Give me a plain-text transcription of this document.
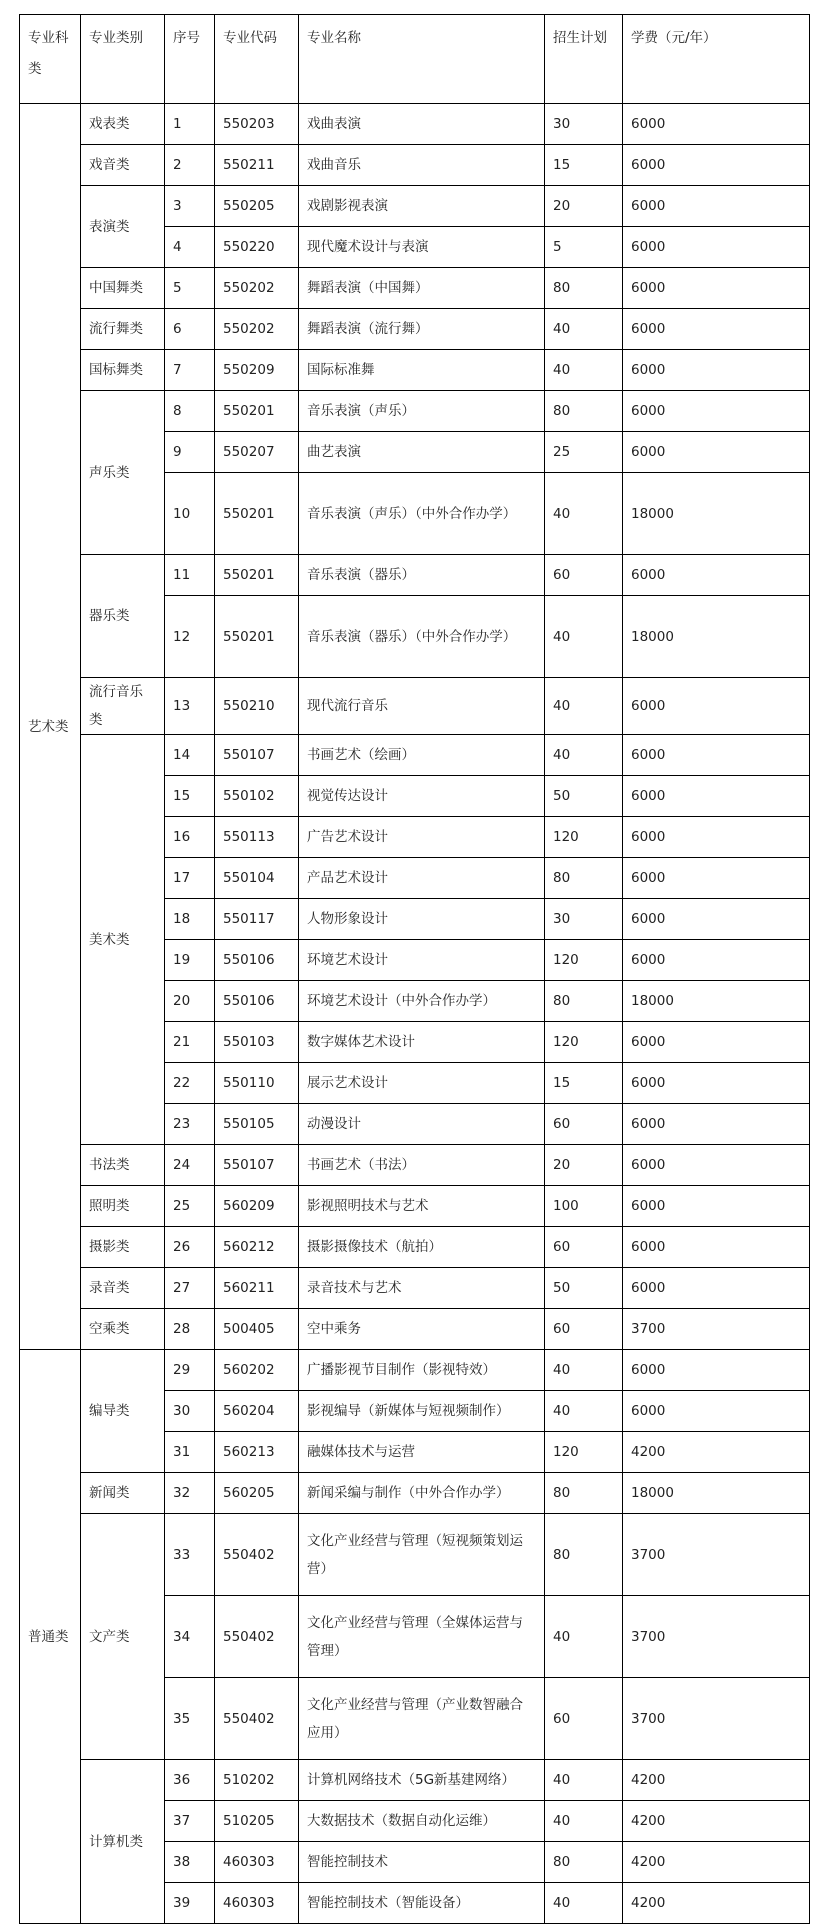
专业科类	专业类别	序号	专业代码	专业名称	招生计划	学费（元/年）
艺术类	戏表类	1	550203	戏曲表演	30	6000
	戏音类	2	550211	戏曲音乐	15	6000
	表演类	3	550205	戏剧影视表演	20	6000
		4	550220	现代魔术设计与表演	5	6000
	中国舞类	5	550202	舞蹈表演（中国舞）	80	6000
	流行舞类	6	550202	舞蹈表演（流行舞）	40	6000
	国标舞类	7	550209	国际标准舞	40	6000
	声乐类	8	550201	音乐表演（声乐）	80	6000
		9	550207	曲艺表演	25	6000
		10	550201	音乐表演（声乐）（中外合作办学）	40	18000
	器乐类	11	550201	音乐表演（器乐）	60	6000
		12	550201	音乐表演（器乐）（中外合作办学）	40	18000
	流行音乐类	13	550210	现代流行音乐	40	6000
	美术类	14	550107	书画艺术（绘画）	40	6000
		15	550102	视觉传达设计	50	6000
		16	550113	广告艺术设计	120	6000
		17	550104	产品艺术设计	80	6000
		18	550117	人物形象设计	30	6000
		19	550106	环境艺术设计	120	6000
		20	550106	环境艺术设计（中外合作办学）	80	18000
		21	550103	数字媒体艺术设计	120	6000
		22	550110	展示艺术设计	15	6000
		23	550105	动漫设计	60	6000
	书法类	24	550107	书画艺术（书法）	20	6000
	照明类	25	560209	影视照明技术与艺术	100	6000
	摄影类	26	560212	摄影摄像技术（航拍）	60	6000
	录音类	27	560211	录音技术与艺术	50	6000
	空乘类	28	500405	空中乘务	60	3700
普通类	编导类	29	560202	广播影视节目制作（影视特效）	40	6000
		30	560204	影视编导（新媒体与短视频制作）	40	6000
		31	560213	融媒体技术与运营	120	4200
	新闻类	32	560205	新闻采编与制作（中外合作办学）	80	18000
	文产类	33	550402	文化产业经营与管理（短视频策划运营）	80	3700
		34	550402	文化产业经营与管理（全媒体运营与管理）	40	3700
		35	550402	文化产业经营与管理（产业数智融合应用）	60	3700
	计算机类	36	510202	计算机网络技术（5G新基建网络）	40	4200
		37	510205	大数据技术（数据自动化运维）	40	4200
		38	460303	智能控制技术	80	4200
		39	460303	智能控制技术（智能设备）	40	4200
